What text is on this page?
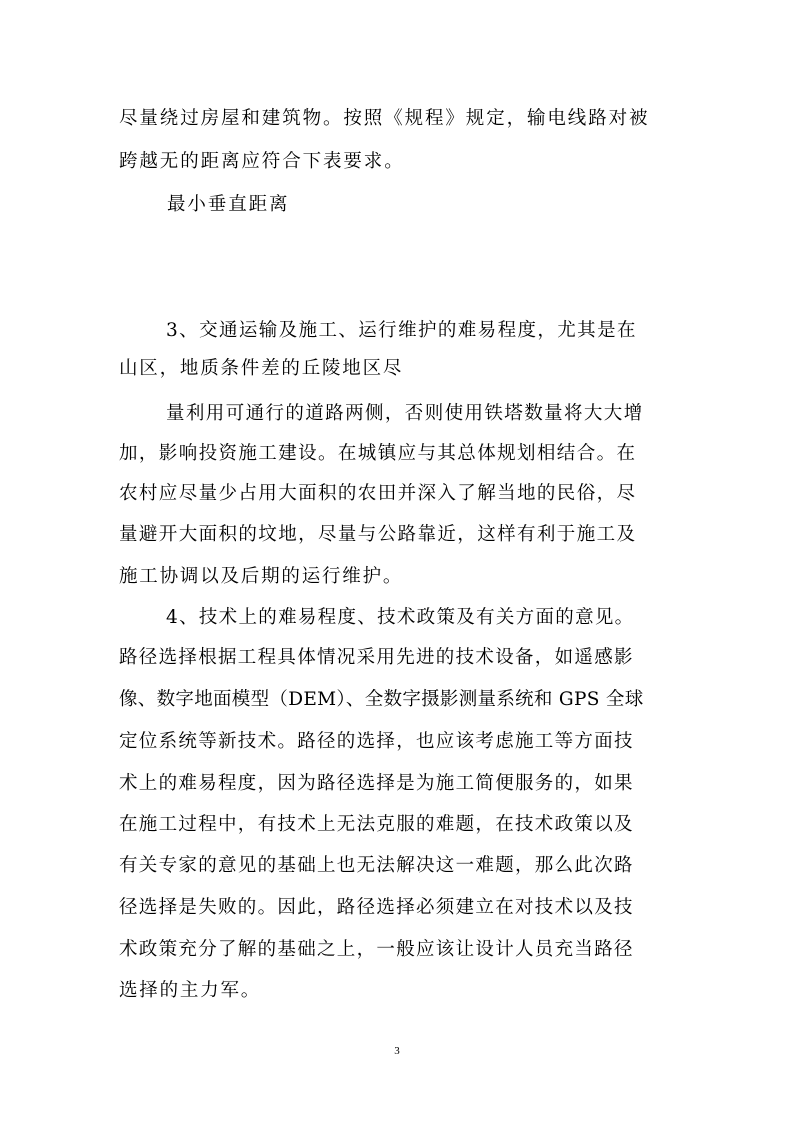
尽量绕过房屋和建筑物。按照《规程》规定，输电线路对被
跨越无的距离应符合下表要求。
最小垂直距离
3、交通运输及施工、运行维护的难易程度，尤其是在
山区，地质条件差的丘陵地区尽
量利用可通行的道路两侧，否则使用铁塔数量将大大增
加，影响投资施工建设。在城镇应与其总体规划相结合。在
农村应尽量少占用大面积的农田并深入了解当地的民俗，尽
量避开大面积的坟地，尽量与公路靠近，这样有利于施工及
施工协调以及后期的运行维护。
4、技术上的难易程度、技术政策及有关方面的意见。
路径选择根据工程具体情况采用先进的技术设备，如遥感影
像、数字地面模型（DEM）、全数字摄影测量系统和 GPS 全球
定位系统等新技术。路径的选择，也应该考虑施工等方面技
术上的难易程度，因为路径选择是为施工简便服务的，如果
在施工过程中，有技术上无法克服的难题，在技术政策以及
有关专家的意见的基础上也无法解决这一难题，那么此次路
径选择是失败的。因此，路径选择必须建立在对技术以及技
术政策充分了解的基础之上，一般应该让设计人员充当路径
选择的主力军。
3
